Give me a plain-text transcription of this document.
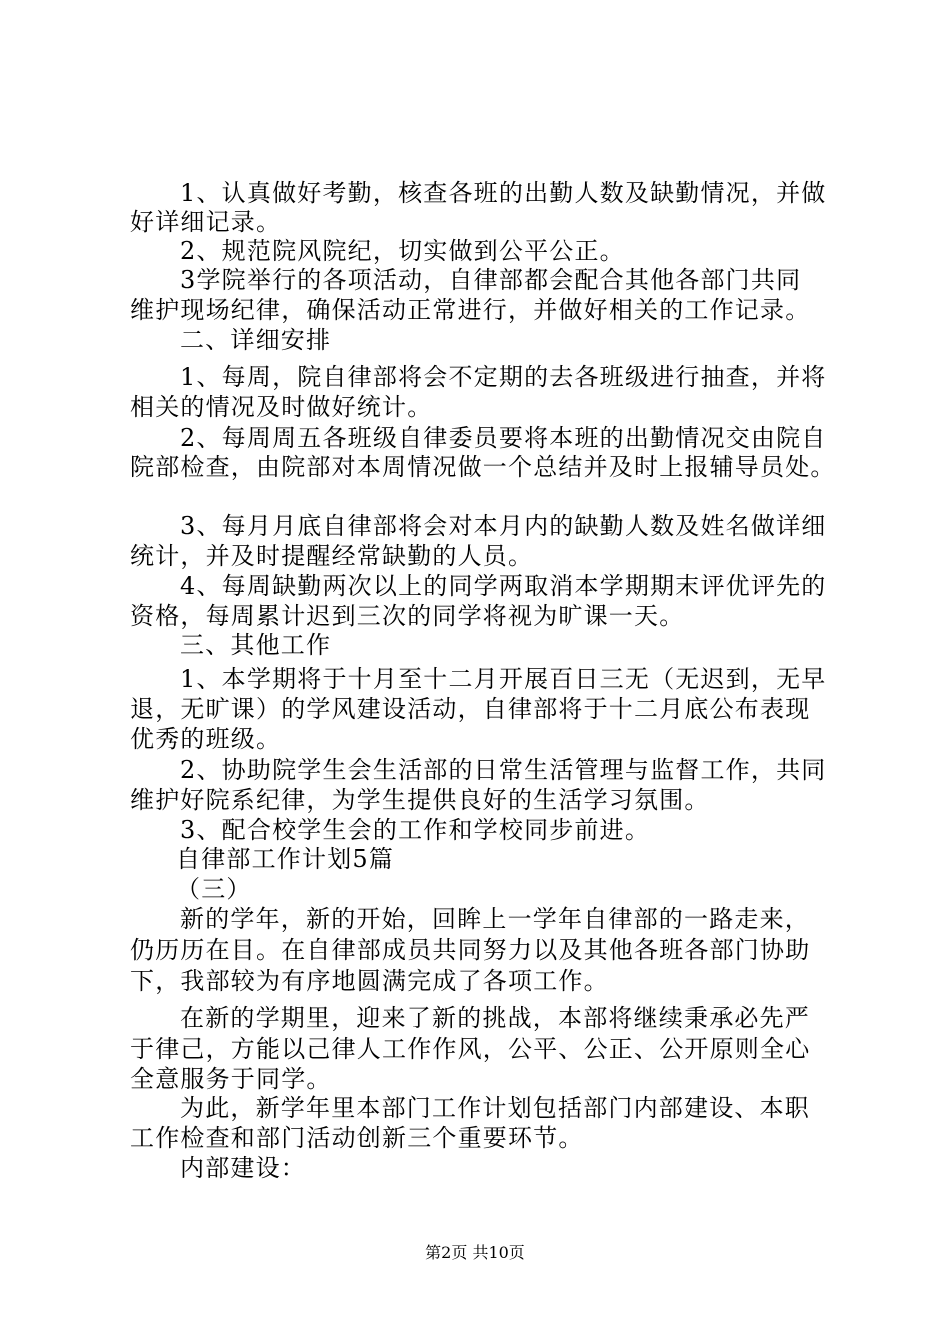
1、认真做好考勤，核查各班的出勤人数及缺勤情况，并做
好详细记录。
2、规范院风院纪，切实做到公平公正。
3学院举行的各项活动，自律部都会配合其他各部门共同
维护现场纪律，确保活动正常进行，并做好相关的工作记录。
二、详细安排
1、每周，院自律部将会不定期的去各班级进行抽查，并将
相关的情况及时做好统计。
2、每周周五各班级自律委员要将本班的出勤情况交由院自
院部检查，由院部对本周情况做一个总结并及时上报辅导员处。
3、每月月底自律部将会对本月内的缺勤人数及姓名做详细
统计，并及时提醒经常缺勤的人员。
4、每周缺勤两次以上的同学两取消本学期期末评优评先的
资格，每周累计迟到三次的同学将视为旷课一天。
三、其他工作
1、本学期将于十月至十二月开展百日三无（无迟到，无早
退，无旷课）的学风建设活动，自律部将于十二月底公布表现
优秀的班级。
2、协助院学生会生活部的日常生活管理与监督工作，共同
维护好院系纪律，为学生提供良好的生活学习氛围。
3、配合校学生会的工作和学校同步前进。
自律部工作计划5篇
（三）
新的学年，新的开始，回眸上一学年自律部的一路走来，
仍历历在目。在自律部成员共同努力以及其他各班各部门协助
下，我部较为有序地圆满完成了各项工作。
在新的学期里，迎来了新的挑战，本部将继续秉承必先严
于律己，方能以己律人工作作风，公平、公正、公开原则全心
全意服务于同学。
为此，新学年里本部门工作计划包括部门内部建设、本职
工作检查和部门活动创新三个重要环节。
内部建设：
第2页 共10页
